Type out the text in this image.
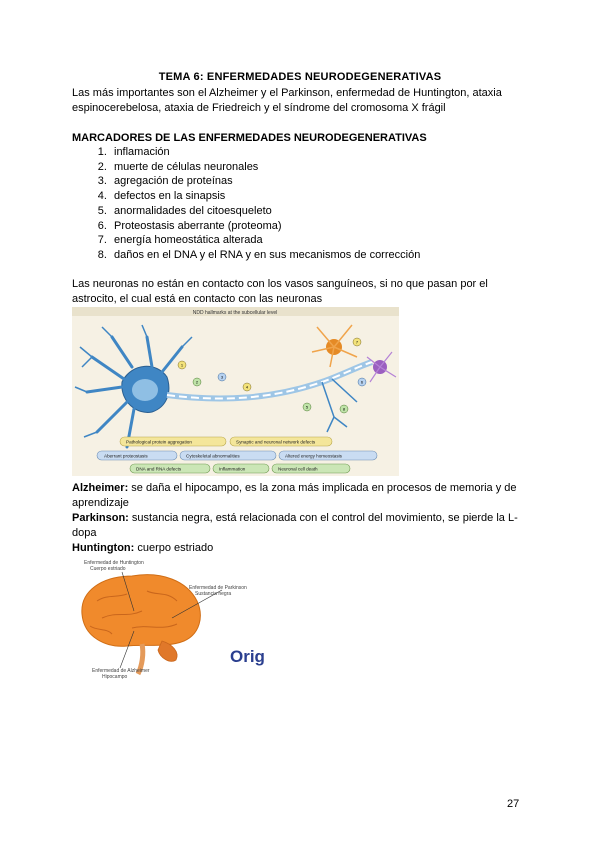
TEMA 6: ENFERMEDADES NEURODEGENERATIVAS
Las más importantes son el Alzheimer y el Parkinson, enfermedad de Huntington, ataxia espinocerebelosa, ataxia de Friedreich y el síndrome del cromosoma X frágil
MARCADORES DE LAS ENFERMEDADES NEURODEGENERATIVAS
1. inflamación
2. muerte de células neuronales
3. agregación de proteínas
4. defectos en la sinapsis
5. anormalidades del citoesqueleto
6. Proteostasis aberrante (proteoma)
7. energía homeostática alterada
8. daños en el DNA y el RNA y en sus mecanismos de corrección
Las neuronas no están en contacto con los vasos sanguíneos, si no que pasan por el astrocito, el cual está en contacto con las neuronas
NDD hallmarks at the subcellular level
1
2
3
4
5
6
7
8
Pathological protein aggregation	Synaptic and neuronal network defects
Aberrant proteostasis	Cytoskeletal abnormalities	Altered energy homeostasis
DNA and RNA defects	Inflammation	Neuronal cell death
Alzheimer: se daña el hipocampo, es la zona más implicada en procesos de memoria y de aprendizaje
Parkinson: sustancia negra, está relacionada con el control del movimiento, se pierde la L-dopa
Huntington: cuerpo estriado
Enfermedad de Huntington
Cuerpo estriado
Enfermedad de Parkinson
Sustancia negra
Enfermedad de Alzheimer
Hipocampo
Orig
27
